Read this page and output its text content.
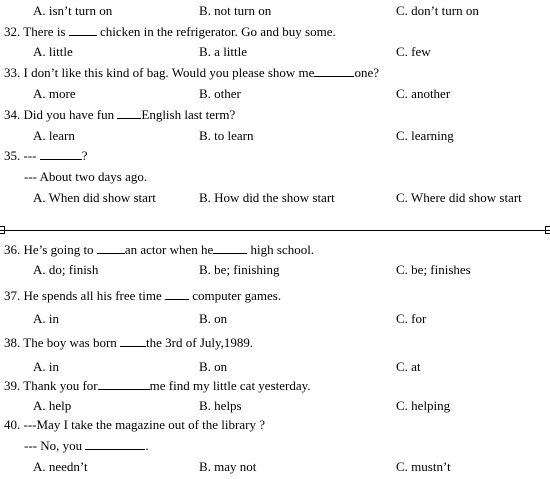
A. isn’t turn on	B. not turn on	C. don’t turn on
32. There is	chicken in the refrigerator. Go and buy some.
A. little	B. a little	C. few
33. I don’t like this kind of bag. Would you please show me	one?
A. more	B. other	C. another
34. Did you have fun English last term?
A. learn	B. to learn	C. learning
35. ---	?
--- About two days ago.
A. When did show start	B. How did the show start	C. Where did show start
36. He’s going to an actor when he	high school.
A. do; finish	B. be; finishing	C. be; finishes
37. He spends all his free time computer games.
A. in	B. on	C. for
38. The boy was born the 3rd of July,1989.
A. in	B. on	C. at
39. Thank you for	me find my little cat yesterday.
A. help	B. helps	C. helping
40. ---May I take the magazine out of the library ?
--- No, you	.
A. needn’t	B. may not	C. mustn’t
